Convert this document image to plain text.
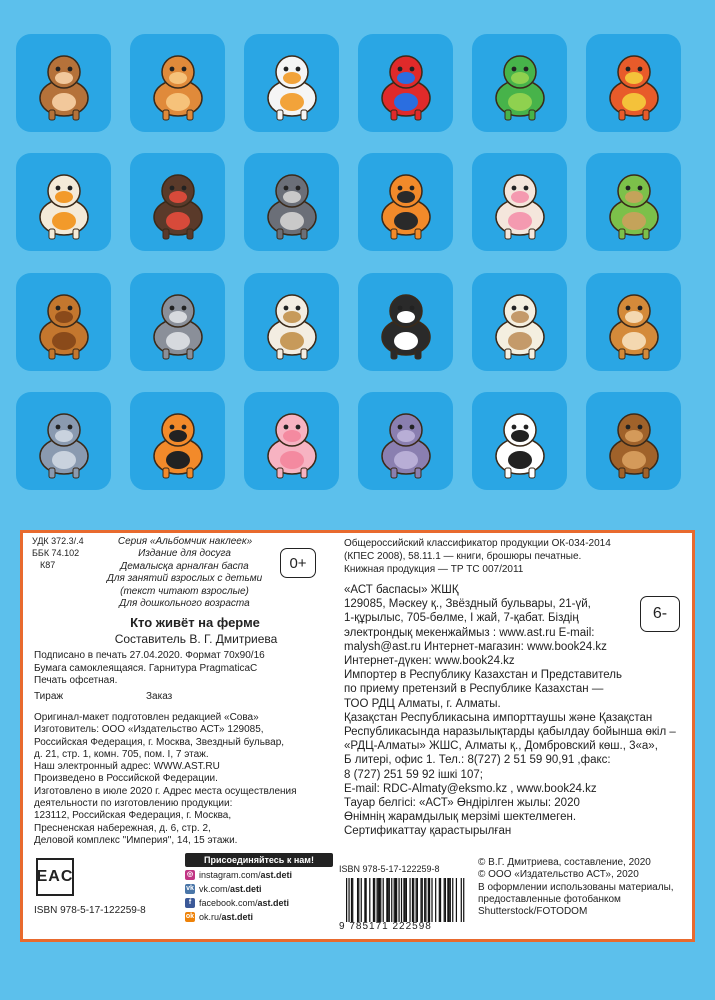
УДК 372.3/.4
ББК 74.102
К87
Серия «Альбомчик наклеек»
Издание для досуга
Демалысқа арналған баспа
Для занятий взрослых с детьми
(текст читают взрослые)
Для дошкольного возраста
0+
Кто живёт на ферме
Составитель В. Г. Дмитриева
Подписано в печать 27.04.2020. Формат 70х90/16
Бумага самоклеящаяся. Гарнитура PragmaticaC
Печать офсетная.
Тираж	Заказ
Оригинал-макет подготовлен редакцией «Сова»
Изготовитель: ООО «Издательство АСТ» 129085,
Российская Федерация, г. Москва, Звездный бульвар,
д. 21, стр. 1, комн. 705, пом. I, 7 этаж.
Наш электронный адрес: WWW.AST.RU
Произведено в Российской Федерации.
Изготовлено в июле 2020 г. Адрес места осуществления
деятельности по изготовлению продукции:
123112, Российская Федерация, г. Москва,
Пресненская набережная, д. 6, стр. 2,
Деловой комплекс "Империя", 14, 15 этажи.
EAC
ISBN 978-5-17-122259-8
Присоединяйтесь к нам!
◎ instagram.com/ ast.deti
vk vk.com/ ast.deti
f facebook.com/ ast.deti
ok ok.ru/ ast.deti
Общероссийский классификатор продукции ОК-034-2014
(КПЕС 2008), 58.11.1 — книги, брошюры печатные.
Книжная продукция — ТР ТС 007/2011
6-
«АСТ баспасы» ЖШҚ
129085, Мәскеу қ., Звёздный бульвары, 21-үй,
1-құрылыс, 705-бөлме, I жай, 7-қабат. Біздің
электрондық мекенжаймыз : www.ast.ru E-mail:
malysh@ast.ru Интернет-магазин: www.book24.kz
Интернет-дүкен: www.book24.kz
Импортер в Республику Казахстан и Представитель
по приему претензий в Республике Казахстан —
ТОО РДЦ Алматы, г. Алматы.
Қазақстан Республикасына импорттаушы және Қазақстан
Республикасында наразылықтарды қабылдау бойынша өкіл –
«РДЦ-Алматы» ЖШС, Алматы қ., Домбровский көш., 3«а»,
Б литері, офис 1. Тел.: 8(727) 2 51 59 90,91 ,факс:
8 (727) 251 59 92 ішкі 107;
E-mail: RDC-Almaty@eksmo.kz , www.book24.kz
Тауар белгісі: «АСТ» Өндірілген жылы: 2020
Өнімнің жарамдылық мерзімі шектелмеген.
Сертификаттау қарастырылған
ISBN 978-5-17-122259-8
9 785171 222598
© В.Г. Дмитриева, составление, 2020
© ООО «Издательство АСТ», 2020
В оформлении использованы материалы,
предоставленные фотобанком
Shutterstock/FOTODOM
